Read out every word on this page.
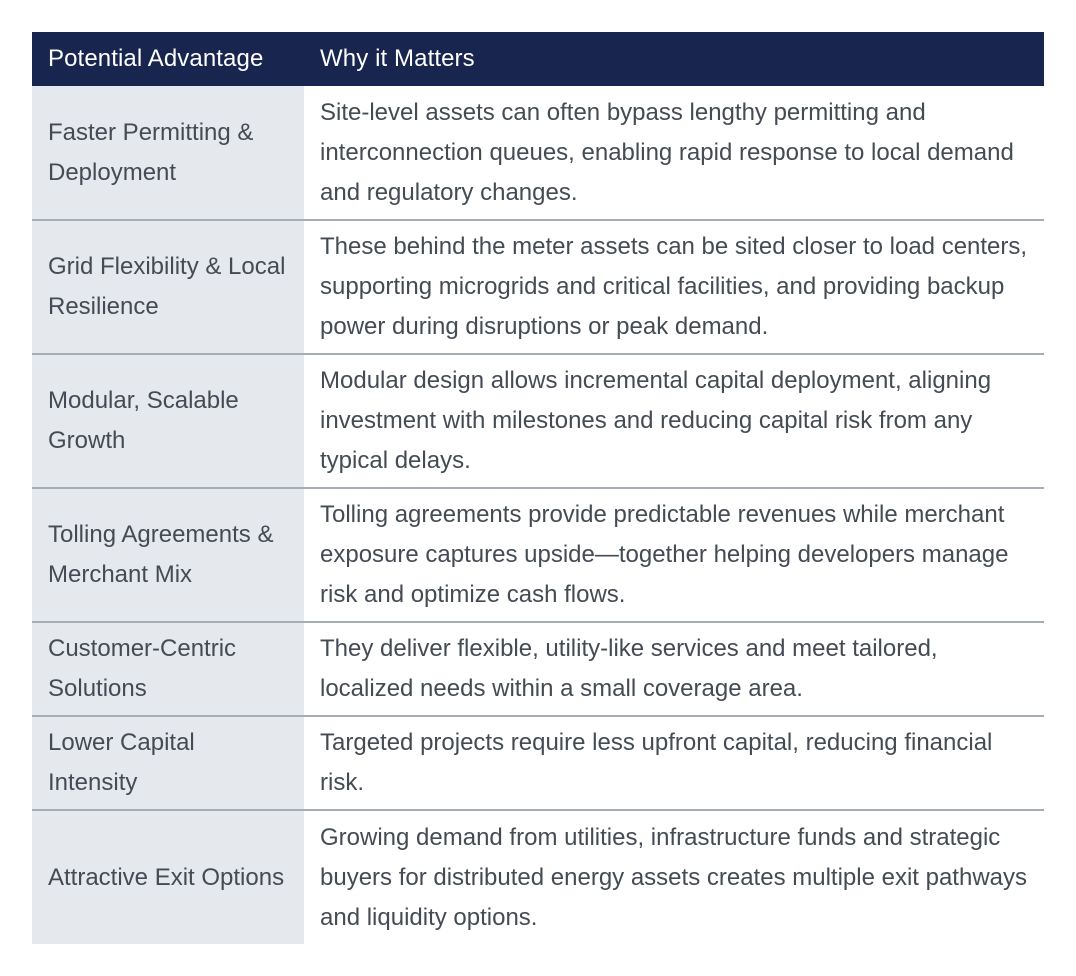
Potential Advantage	Why it Matters
Faster Permitting & Deployment	Site-level assets can often bypass lengthy permitting and interconnection queues, enabling rapid response to local demand and regulatory changes.
Grid Flexibility & Local Resilience	These behind the meter assets can be sited closer to load centers, supporting microgrids and critical facilities, and providing backup power during disruptions or peak demand.
Modular, Scalable Growth	Modular design allows incremental capital deployment, aligning investment with milestones and reducing capital risk from any typical delays.
Tolling Agreements & Merchant Mix	Tolling agreements provide predictable revenues while merchant exposure captures upside—together helping developers manage risk and optimize cash flows.
Customer-Centric Solutions	They deliver flexible, utility-like services and meet tailored, localized needs within a small coverage area.
Lower Capital Intensity	Targeted projects require less upfront capital, reducing financial risk.
Attractive Exit Options	Growing demand from utilities, infrastructure funds and strategic buyers for distributed energy assets creates multiple exit pathways and liquidity options.
